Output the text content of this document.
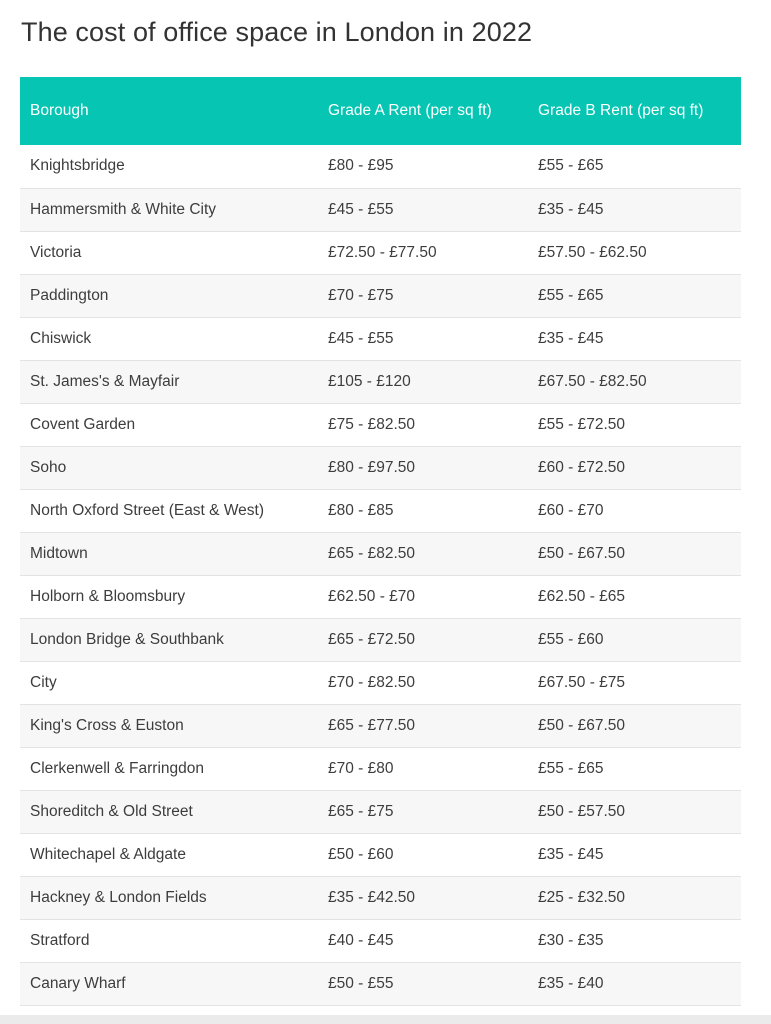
The cost of office space in London in 2022
Borough	Grade A Rent (per sq ft)	Grade B Rent (per sq ft)
Knightsbridge	£80 - £95	£55 - £65
Hammersmith & White City	£45 - £55	£35 - £45
Victoria	£72.50 - £77.50	£57.50 - £62.50
Paddington	£70 - £75	£55 - £65
Chiswick	£45 - £55	£35 - £45
St. James's & Mayfair	£105 - £120	£67.50 - £82.50
Covent Garden	£75 - £82.50	£55 - £72.50
Soho	£80 - £97.50	£60 - £72.50
North Oxford Street (East & West)	£80 - £85	£60 - £70
Midtown	£65 - £82.50	£50 - £67.50
Holborn & Bloomsbury	£62.50 - £70	£62.50 - £65
London Bridge & Southbank	£65 - £72.50	£55 - £60
City	£70 - £82.50	£67.50 - £75
King's Cross & Euston	£65 - £77.50	£50 - £67.50
Clerkenwell & Farringdon	£70 - £80	£55 - £65
Shoreditch & Old Street	£65 - £75	£50 - £57.50
Whitechapel & Aldgate	£50 - £60	£35 - £45
Hackney & London Fields	£35 - £42.50	£25 - £32.50
Stratford	£40 - £45	£30 - £35
Canary Wharf	£50 - £55	£35 - £40
